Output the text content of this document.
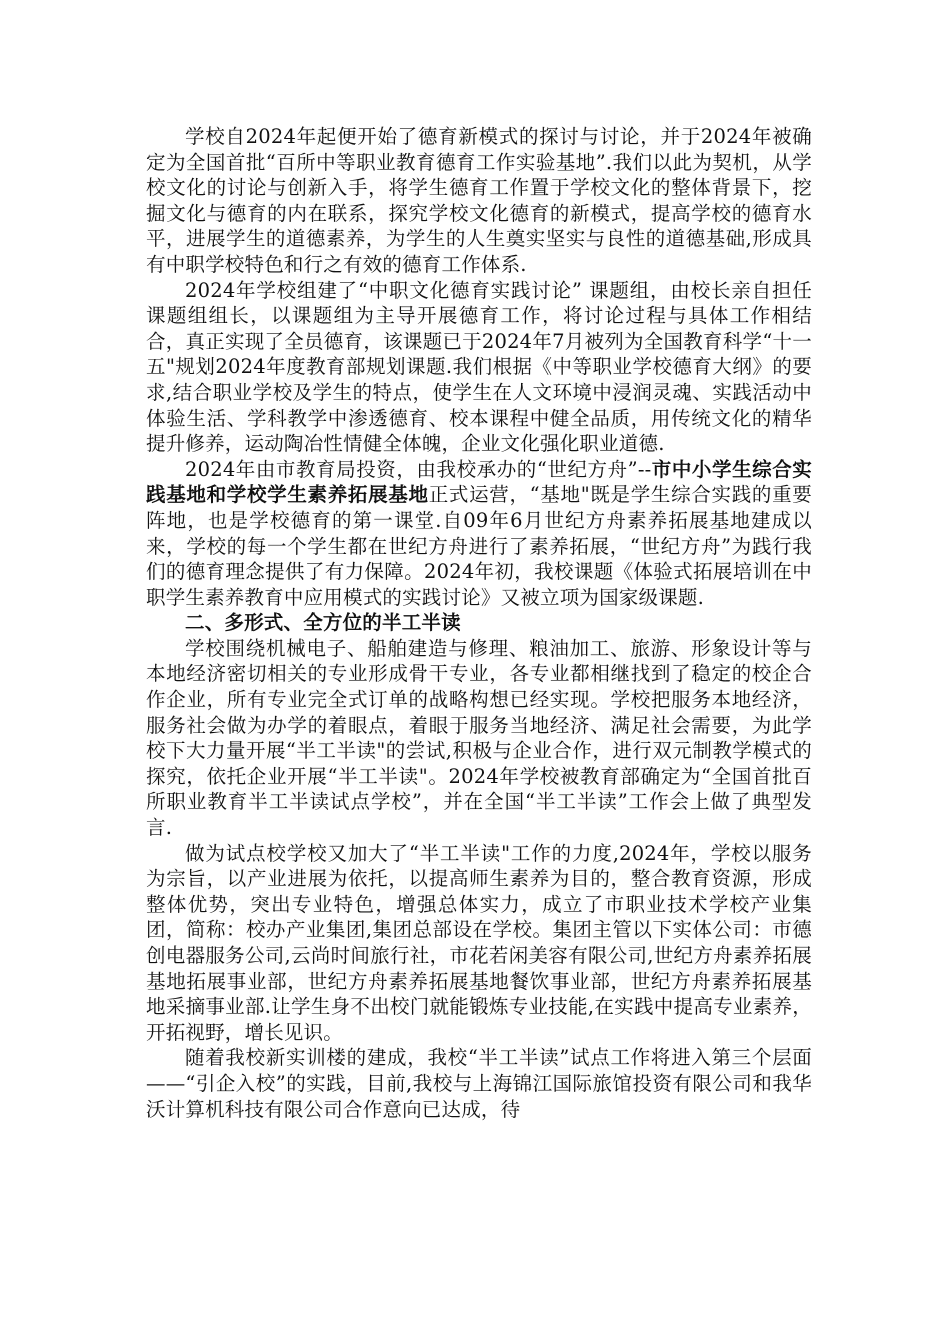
学校自2024年起便开始了德育新模式的探讨与讨论，并于2024年被确定为全国首批“百所中等职业教育德育工作实验基地”.我们以此为契机，从学校文化的讨论与创新入手，将学生德育工作置于学校文化的整体背景下，挖掘文化与德育的内在联系，探究学校文化德育的新模式，提高学校的德育水平，进展学生的道德素养，为学生的人生奠实坚实与良性的道德基础,形成具有中职学校特色和行之有效的德育工作体系.

2024年学校组建了“中职文化德育实践讨论” 课题组，由校长亲自担任课题组组长，以课题组为主导开展德育工作，将讨论过程与具体工作相结合，真正实现了全员德育，该课题已于2024年7月被列为全国教育科学“十一五"规划2024年度教育部规划课题.我们根据《中等职业学校德育大纲》的要求,结合职业学校及学生的特点，使学生在人文环境中浸润灵魂、实践活动中体验生活、学科教学中渗透德育、校本课程中健全品质，用传统文化的精华提升修养，运动陶冶性情健全体魄，企业文化强化职业道德.

2024年由市教育局投资，由我校承办的“世纪方舟”--市中小学生综合实践基地和学校学生素养拓展基地正式运营，“基地"既是学生综合实践的重要阵地，也是学校德育的第一课堂.自09年6月世纪方舟素养拓展基地建成以来，学校的每一个学生都在世纪方舟进行了素养拓展，“世纪方舟”为践行我们的德育理念提供了有力保障。2024年初，我校课题《体验式拓展培训在中职学生素养教育中应用模式的实践讨论》又被立项为国家级课题.

二、多形式、全方位的半工半读

学校围绕机械电子、船舶建造与修理、粮油加工、旅游、形象设计等与本地经济密切相关的专业形成骨干专业，各专业都相继找到了稳定的校企合作企业，所有专业完全式订单的战略构想已经实现。学校把服务本地经济，服务社会做为办学的着眼点，着眼于服务当地经济、满足社会需要，为此学校下大力量开展“半工半读"的尝试,积极与企业合作，进行双元制教学模式的探究，依托企业开展“半工半读"。2024年学校被教育部确定为“全国首批百所职业教育半工半读试点学校”，并在全国“半工半读”工作会上做了典型发言.

做为试点校学校又加大了“半工半读"工作的力度,2024年，学校以服务为宗旨，以产业进展为依托，以提高师生素养为目的，整合教育资源，形成整体优势，突出专业特色，增强总体实力，成立了市职业技术学校产业集团，简称：校办产业集团,集团总部设在学校。集团主管以下实体公司：市德创电器服务公司,云尚时间旅行社，市花若闲美容有限公司,世纪方舟素养拓展基地拓展事业部，世纪方舟素养拓展基地餐饮事业部，世纪方舟素养拓展基地采摘事业部.让学生身不出校门就能锻炼专业技能,在实践中提高专业素养，开拓视野，增长见识。

随着我校新实训楼的建成，我校“半工半读”试点工作将进入第三个层面——“引企入校”的实践，目前,我校与上海锦江国际旅馆投资有限公司和我华沃计算机科技有限公司合作意向已达成，待
